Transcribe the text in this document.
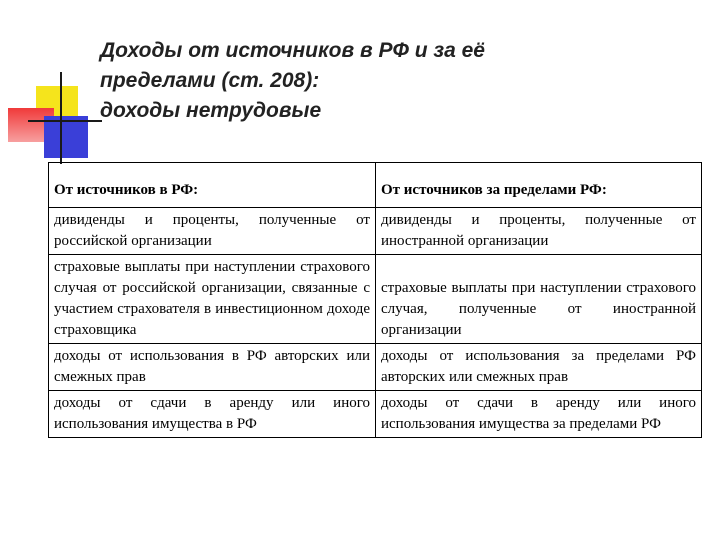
Доходы от источников в РФ и за её
пределами (ст. 208):
доходы нетрудовые
От источников в РФ:	От источников за пределами РФ:
дивиденды и проценты, полученные от российской организации	дивиденды и проценты, полученные от иностранной организации
страховые выплаты при наступлении страхового случая от российской организации, связанные с участием страхователя в инвестиционном доходе страховщика	страховые выплаты при наступлении страхового случая, полученные от иностранной организации
доходы от использования в РФ авторских или смежных прав	доходы от использования за пределами РФ авторских или смежных прав
доходы от сдачи в аренду или иного использования имущества в РФ	доходы от сдачи в аренду или иного использования имущества за пределами РФ
